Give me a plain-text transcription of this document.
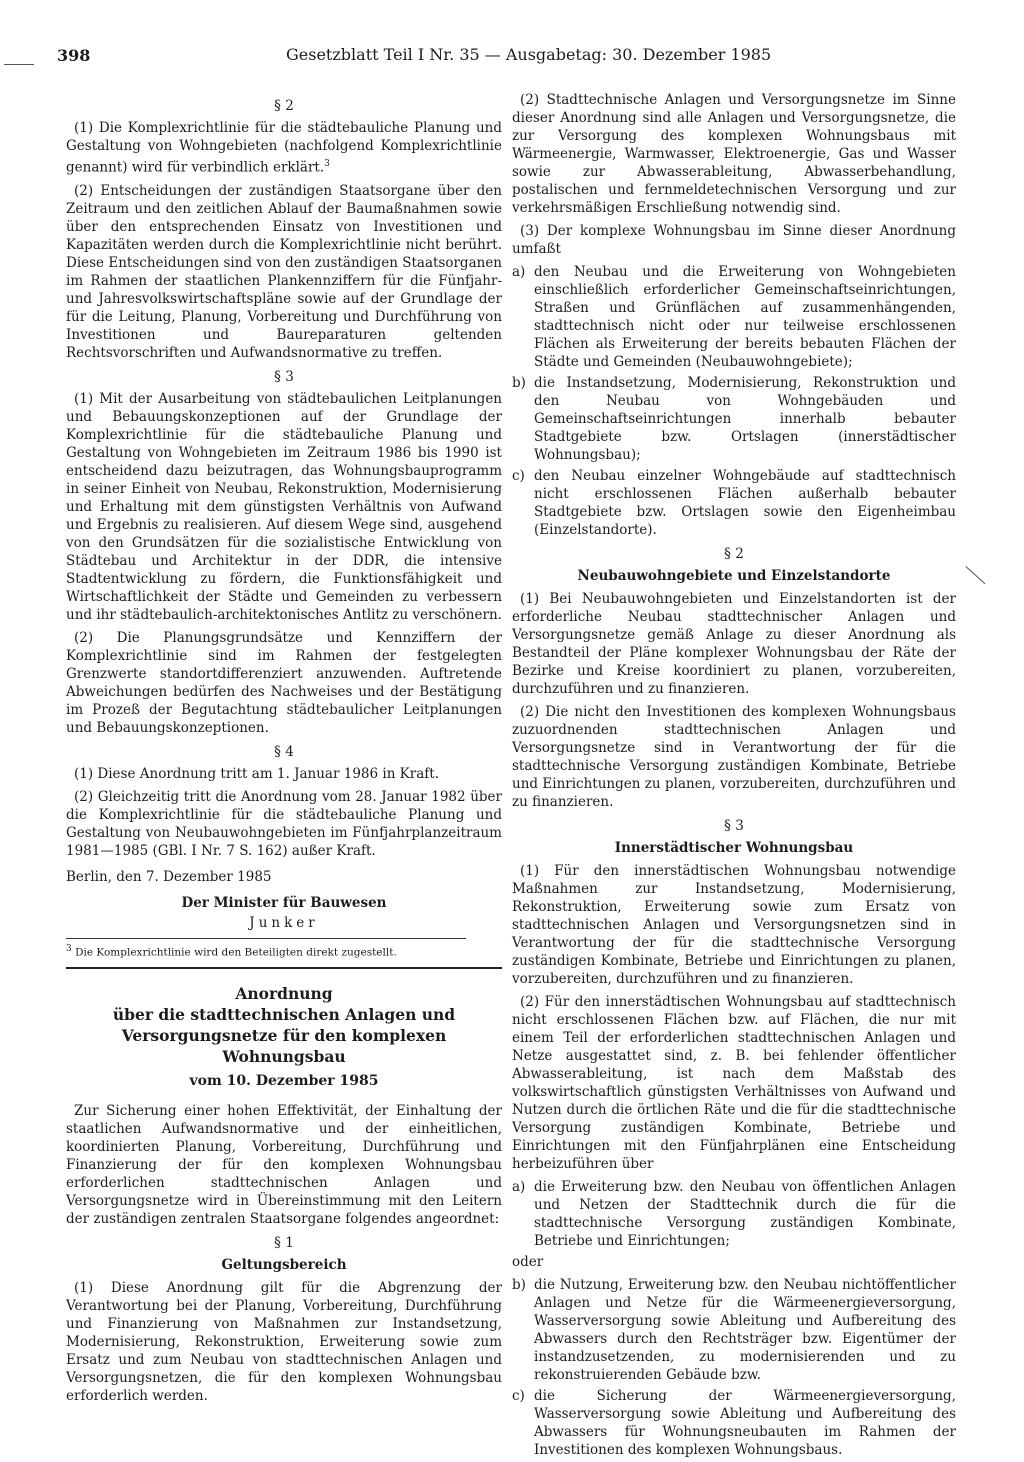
398	Gesetzblatt Teil I Nr. 35 — Ausgabetag: 30. Dezember 1985
§ 2

(1) Die Komplexrichtlinie für die städtebauliche Planung und Gestaltung von Wohngebieten (nachfolgend Komplexrichtlinie genannt) wird für verbindlich erklärt.$^3$

(2) Entscheidungen der zuständigen Staatsorgane über den Zeitraum und den zeitlichen Ablauf der Baumaßnahmen sowie über den entsprechenden Einsatz von Investitionen und Kapazitäten werden durch die Komplexrichtlinie nicht berührt. Diese Entscheidungen sind von den zuständigen Staatsorganen im Rahmen der staatlichen Plankennziffern für die Fünfjahr- und Jahresvolkswirtschaftspläne sowie auf der Grundlage der für die Leitung, Planung, Vorbereitung und Durchführung von Investitionen und Baureparaturen geltenden Rechtsvorschriften und Aufwandsnormative zu treffen.

§ 3

(1) Mit der Ausarbeitung von städtebaulichen Leitplanungen und Bebauungskonzeptionen auf der Grundlage der Komplexrichtlinie für die städtebauliche Planung und Gestaltung von Wohngebieten im Zeitraum 1986 bis 1990 ist entscheidend dazu beizutragen, das Wohnungsbauprogramm in seiner Einheit von Neubau, Rekonstruktion, Modernisierung und Erhaltung mit dem günstigsten Verhältnis von Aufwand und Ergebnis zu realisieren. Auf diesem Wege sind, ausgehend von den Grundsätzen für die sozialistische Entwicklung von Städtebau und Architektur in der DDR, die intensive Stadtentwicklung zu fördern, die Funktionsfähigkeit und Wirtschaftlichkeit der Städte und Gemeinden zu verbessern und ihr städtebaulich-architektonisches Antlitz zu verschönern.

(2) Die Planungsgrundsätze und Kennziffern der Komplexrichtlinie sind im Rahmen der festgelegten Grenzwerte standortdifferenziert anzuwenden. Auftretende Abweichungen bedürfen des Nachweises und der Bestätigung im Prozeß der Begutachtung städtebaulicher Leitplanungen und Bebauungskonzeptionen.

§ 4

(1) Diese Anordnung tritt am 1. Januar 1986 in Kraft.

(2) Gleichzeitig tritt die Anordnung vom 28. Januar 1982 über die Komplexrichtlinie für die städtebauliche Planung und Gestaltung von Neubauwohngebieten im Fünfjahrplanzeitraum 1981—1985 (GBl. I Nr. 7 S. 162) außer Kraft.

Berlin, den 7. Dezember 1985

Der Minister für Bauwesen
Junker

3 Die Komplexrichtlinie wird den Beteiligten direkt zugestellt.

Anordnung
über die stadttechnischen Anlagen und
Versorgungsnetze für den komplexen Wohnungsbau
vom 10. Dezember 1985

Zur Sicherung einer hohen Effektivität, der Einhaltung der staatlichen Aufwandsnormative und der einheitlichen, koordinierten Planung, Vorbereitung, Durchführung und Finanzierung der für den komplexen Wohnungsbau erforderlichen stadttechnischen Anlagen und Versorgungsnetze wird in Übereinstimmung mit den Leitern der zuständigen zentralen Staatsorgane folgendes angeordnet:

§ 1
Geltungsbereich

(1) Diese Anordnung gilt für die Abgrenzung der Verantwortung bei der Planung, Vorbereitung, Durchführung und Finanzierung von Maßnahmen zur Instandsetzung, Modernisierung, Rekonstruktion, Erweiterung sowie zum Ersatz und zum Neubau von stadttechnischen Anlagen und Versorgungsnetzen, die für den komplexen Wohnungsbau erforderlich werden.

(2) Stadttechnische Anlagen und Versorgungsnetze im Sinne dieser Anordnung sind alle Anlagen und Versorgungsnetze, die zur Versorgung des komplexen Wohnungsbaus mit Wärmeenergie, Warmwasser, Elektroenergie, Gas und Wasser sowie zur Abwasserableitung, Abwasserbehandlung, postalischen und fernmeldetechnischen Versorgung und zur verkehrsmäßigen Erschließung notwendig sind.

(3) Der komplexe Wohnungsbau im Sinne dieser Anordnung umfaßt

a) den Neubau und die Erweiterung von Wohngebieten einschließlich erforderlicher Gemeinschaftseinrichtungen, Straßen und Grünflächen auf zusammenhängenden, stadttechnisch nicht oder nur teilweise erschlossenen Flächen als Erweiterung der bereits bebauten Flächen der Städte und Gemeinden (Neubauwohngebiete);
b) die Instandsetzung, Modernisierung, Rekonstruktion und den Neubau von Wohngebäuden und Gemeinschaftseinrichtungen innerhalb bebauter Stadtgebiete bzw. Ortslagen (innerstädtischer Wohnungsbau);
c) den Neubau einzelner Wohngebäude auf stadttechnisch nicht erschlossenen Flächen außerhalb bebauter Stadtgebiete bzw. Ortslagen sowie den Eigenheimbau (Einzelstandorte).
§ 2
Neubauwohngebiete und Einzelstandorte

(1) Bei Neubauwohngebieten und Einzelstandorten ist der erforderliche Neubau stadttechnischer Anlagen und Versorgungsnetze gemäß Anlage zu dieser Anordnung als Bestandteil der Pläne komplexer Wohnungsbau der Räte der Bezirke und Kreise koordiniert zu planen, vorzubereiten, durchzuführen und zu finanzieren.

(2) Die nicht den Investitionen des komplexen Wohnungsbaus zuzuordnenden stadttechnischen Anlagen und Versorgungsnetze sind in Verantwortung der für die stadttechnische Versorgung zuständigen Kombinate, Betriebe und Einrichtungen zu planen, vorzubereiten, durchzuführen und zu finanzieren.

§ 3
Innerstädtischer Wohnungsbau

(1) Für den innerstädtischen Wohnungsbau notwendige Maßnahmen zur Instandsetzung, Modernisierung, Rekonstruktion, Erweiterung sowie zum Ersatz von stadttechnischen Anlagen und Versorgungsnetzen sind in Verantwortung der für die stadttechnische Versorgung zuständigen Kombinate, Betriebe und Einrichtungen zu planen, vorzubereiten, durchzuführen und zu finanzieren.

(2) Für den innerstädtischen Wohnungsbau auf stadttechnisch nicht erschlossenen Flächen bzw. auf Flächen, die nur mit einem Teil der erforderlichen stadttechnischen Anlagen und Netze ausgestattet sind, z. B. bei fehlender öffentlicher Abwasserableitung, ist nach dem Maßstab des volkswirtschaftlich günstigsten Verhältnisses von Aufwand und Nutzen durch die örtlichen Räte und die für die stadttechnische Versorgung zuständigen Kombinate, Betriebe und Einrichtungen mit den Fünfjahrplänen eine Entscheidung herbeizuführen über

a) die Erweiterung bzw. den Neubau von öffentlichen Anlagen und Netzen der Stadttechnik durch die für die stadttechnische Versorgung zuständigen Kombinate, Betriebe und Einrichtungen;

oder

b) die Nutzung, Erweiterung bzw. den Neubau nichtöffentlicher Anlagen und Netze für die Wärmeenergieversorgung, Wasserversorgung sowie Ableitung und Aufbereitung des Abwassers durch den Rechtsträger bzw. Eigentümer der instandzusetzenden, zu modernisierenden und zu rekonstruierenden Gebäude bzw.
c) die Sicherung der Wärmeenergieversorgung, Wasserversorgung sowie Ableitung und Aufbereitung des Abwassers für Wohnungsneubauten im Rahmen der Investitionen des komplexen Wohnungsbaus.
